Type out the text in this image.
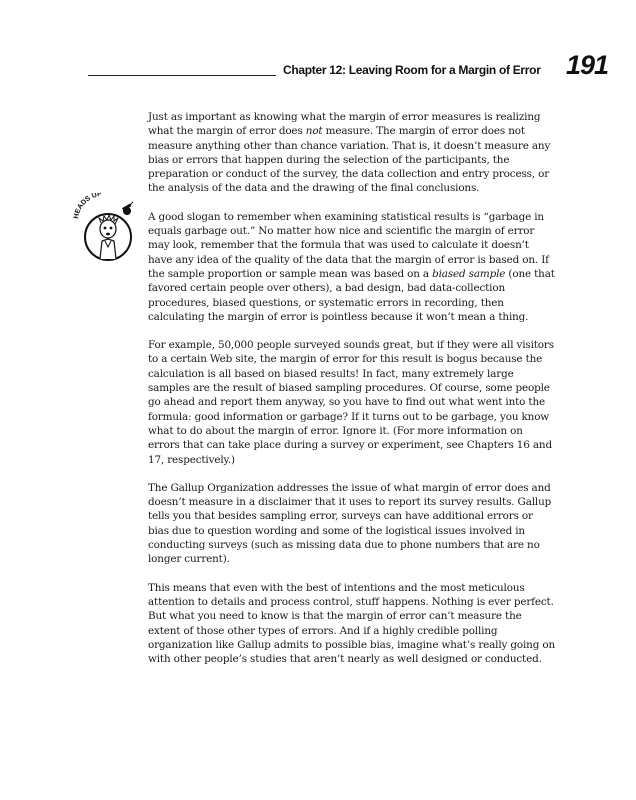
Chapter 12: Leaving Room for a Margin of Error 191
HEADS UP

Just as important as knowing what the margin of error measures is realizing what the margin of error does not measure. The margin of error does not measure anything other than chance variation. That is, it doesn’t measure any bias or errors that happen during the selection of the participants, the preparation or conduct of the survey, the data collection and entry process, or the analysis of the data and the drawing of the final conclusions.

A good slogan to remember when examining statistical results is “garbage in equals garbage out.” No matter how nice and scientific the margin of error may look, remember that the formula that was used to calculate it doesn’t have any idea of the quality of the data that the margin of error is based on. If the sample proportion or sample mean was based on a biased sample (one that favored certain people over others), a bad design, bad data-collection procedures, biased questions, or systematic errors in recording, then calculating the margin of error is pointless because it won’t mean a thing.

For example, 50,000 people surveyed sounds great, but if they were all visitors to a certain Web site, the margin of error for this result is bogus because the calculation is all based on biased results! In fact, many extremely large samples are the result of biased sampling procedures. Of course, some people go ahead and report them anyway, so you have to find out what went into the formula: good information or garbage? If it turns out to be garbage, you know what to do about the margin of error. Ignore it. (For more information on errors that can take place during a survey or experiment, see Chapters 16 and 17, respectively.)

The Gallup Organization addresses the issue of what margin of error does and doesn’t measure in a disclaimer that it uses to report its survey results. Gallup tells you that besides sampling error, surveys can have additional errors or bias due to question wording and some of the logistical issues involved in conducting surveys (such as missing data due to phone numbers that are no longer current).

This means that even with the best of intentions and the most meticulous attention to details and process control, stuff happens. Nothing is ever perfect. But what you need to know is that the margin of error can’t measure the extent of those other types of errors. And if a highly credible polling organization like Gallup admits to possible bias, imagine what’s really going on with other people’s studies that aren’t nearly as well designed or conducted.
